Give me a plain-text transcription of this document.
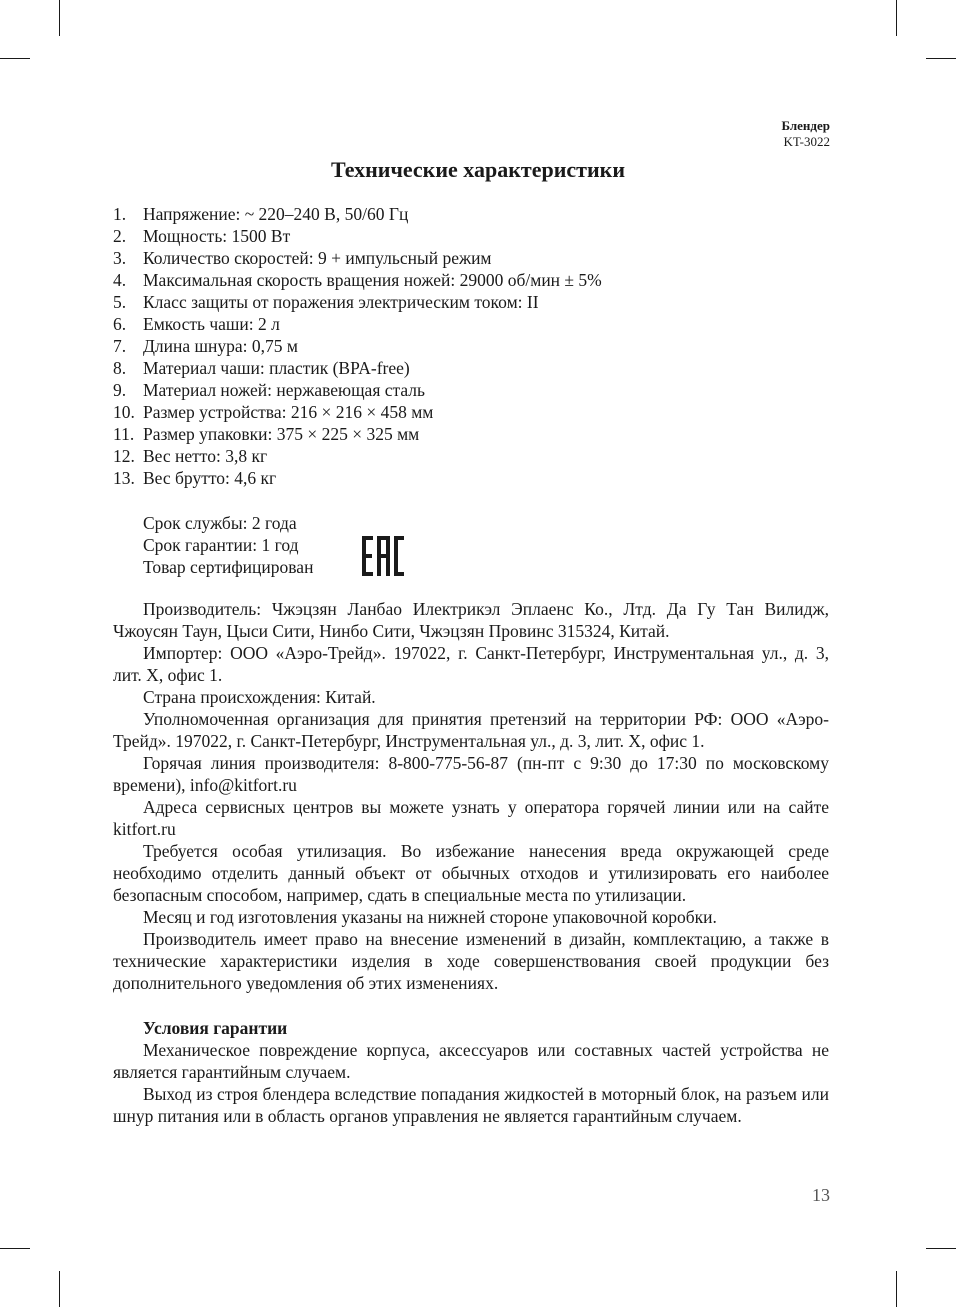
Блендер
KT-3022
Технические характеристики
1. Напряжение: ~ 220–240 В, 50/60 Гц
2. Мощность: 1500 Вт
3. Количество скоростей: 9 + импульсный режим
4. Максимальная скорость вращения ножей: 29000 об/мин ± 5%
5. Класс защиты от поражения электрическим током: II
6. Емкость чаши: 2 л
7. Длина шнура: 0,75 м
8. Материал чаши: пластик (BPA-free)
9. Материал ножей: нержавеющая сталь
10. Размер устройства: 216 × 216 × 458 мм
11. Размер упаковки: 375 × 225 × 325 мм
12. Вес нетто: 3,8 кг
13. Вес брутто: 4,6 кг
Срок службы: 2 года
Срок гарантии: 1 год
Товар сертифицирован

Производитель: Чжэцзян Ланбао Илектрикэл Эплаенс Ко., Лтд. Да Гу Тан Вилидж, Чжоусян Таун, Цыси Сити, Нинбо Сити, Чжэцзян Провинс 315324, Китай.

Импортер: ООО «Аэро-Трейд». 197022, г. Санкт-Петербург, Инструментальная ул., д. 3, лит. Х, офис 1.

Страна происхождения: Китай.

Уполномоченная организация для принятия претензий на территории РФ: ООО «Аэро-Трейд». 197022, г. Санкт-Петербург, Инструментальная ул., д. 3, лит. Х, офис 1.

Горячая линия производителя: 8-800-775-56-87 (пн-пт с 9:30 до 17:30 по московскому времени), info@kitfort.ru

Адреса сервисных центров вы можете узнать у оператора горячей линии или на сайте kitfort.ru

Требуется особая утилизация. Во избежание нанесения вреда окружающей среде необходимо отделить данный объект от обычных отходов и утилизировать его наиболее безопасным способом, например, сдать в специальные места по утилизации.

Месяц и год изготовления указаны на нижней стороне упаковочной коробки.

Производитель имеет право на внесение изменений в дизайн, комплектацию, а также в технические характеристики изделия в ходе совершенствования своей продукции без дополнительного уведомления об этих изменениях.

Условия гарантии

Механическое повреждение корпуса, аксессуаров или составных частей устройства не является гарантийным случаем.

Выход из строя блендера вследствие попадания жидкостей в моторный блок, на разъем или шнур питания или в область органов управления не является гарантийным случаем.

13
